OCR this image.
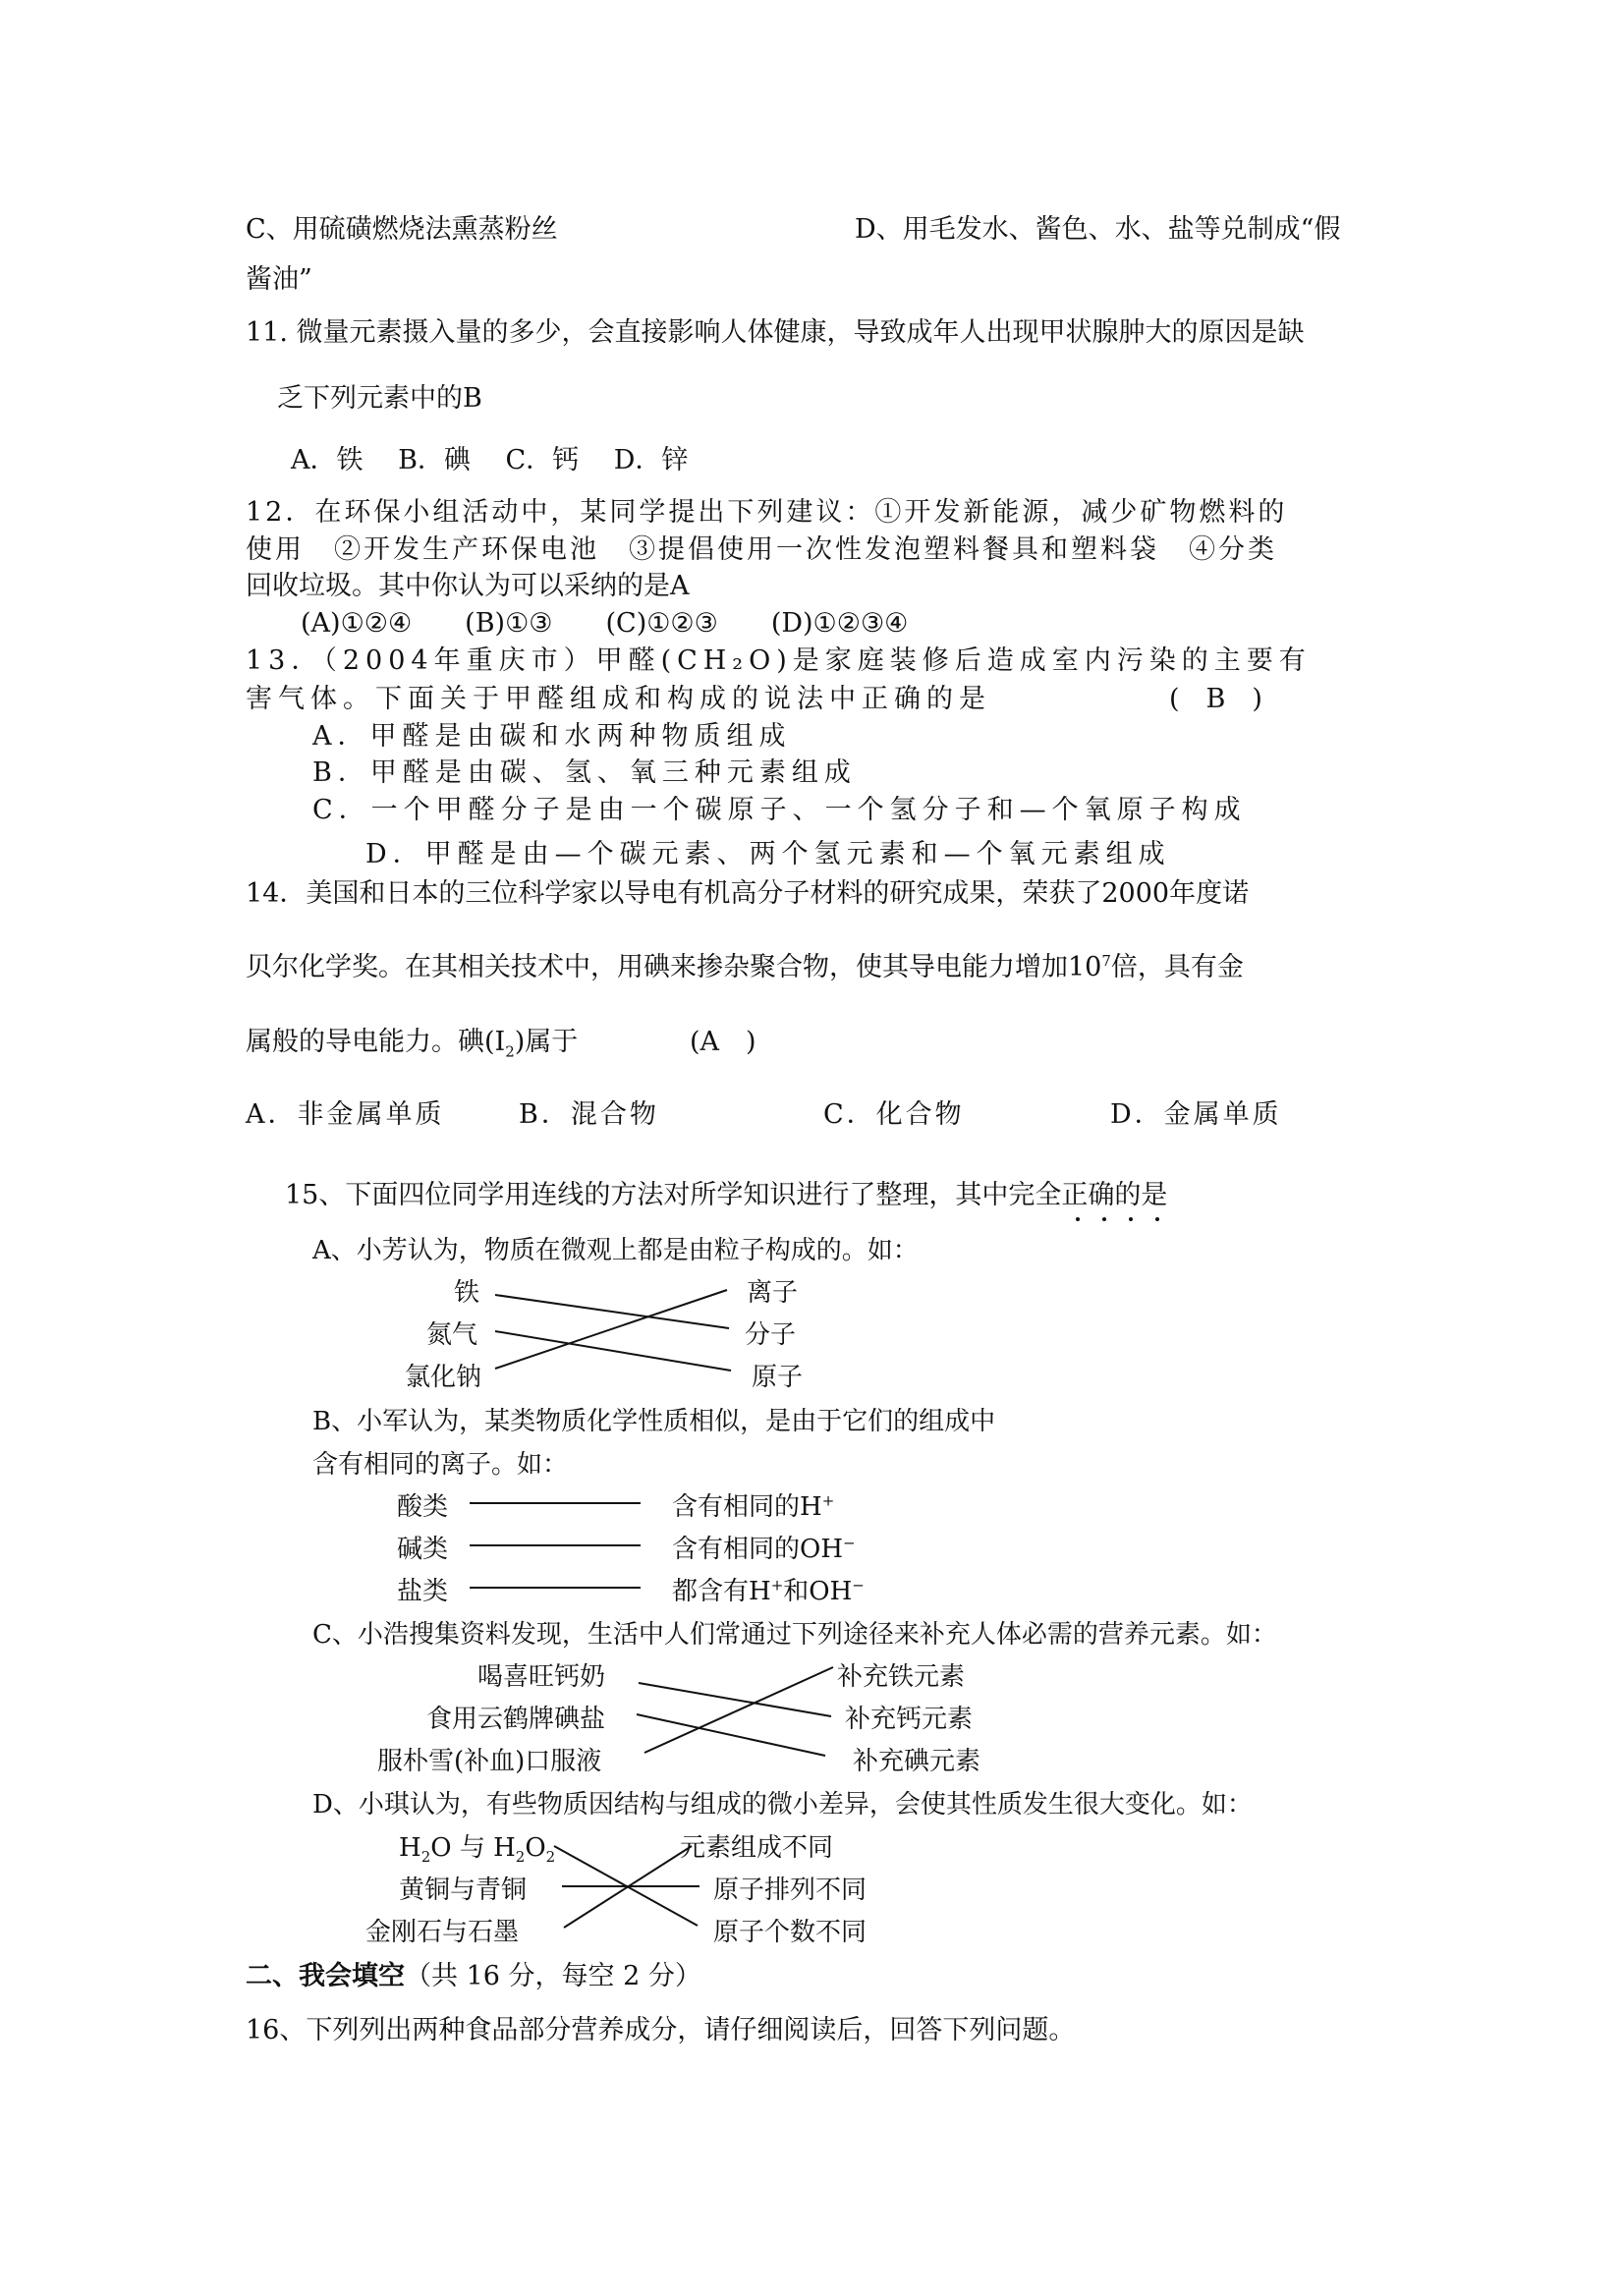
C、用硫磺燃烧法熏蒸粉丝	D、用毛发水、酱色、水、盐等兑制成“假
酱油”
11. 微量元素摄入量的多少，会直接影响人体健康，导致成年人出现甲状腺肿大的原因是缺
乏下列元素中的B
A．铁　 B．碘　 C．钙　 D．锌
12．在环保小组活动中，某同学提出下列建议：①开发新能源，减少矿物燃料的
使用　②开发生产环保电池　③提倡使用一次性发泡塑料餐具和塑料袋　④分类
回收垃圾。其中你认为可以采纳的是A
(A)①②④　　(B)①③　　(C)①②③　　(D)①②③④
13．（2004年重庆市）甲醛(CH₂O)是家庭装修后造成室内污染的主要有
害气体。下面关于甲醛组成和构成的说法中正确的是	(　B　)
A．甲醛是由碳和水两种物质组成
B．甲醛是由碳、氢、氧三种元素组成
C．一个甲醛分子是由一个碳原子、一个氢分子和—个氧原子构成
D．甲醛是由—个碳元素、两个氢元素和—个氧元素组成
14．美国和日本的三位科学家以导电有机高分子材料的研究成果，荣获了2000年度诺
贝尔化学奖。在其相关技术中，用碘来掺杂聚合物，使其导电能力增加$10^7$倍，具有金
属般的导电能力。碘$(I_2)$属于	(A　)
A．非金属单质	B．混合物	C．化合物	D．金属单质
15、下面四位同学用连线的方法对所学知识进行了整理，其中完全正确的是
A、小芳认为，物质在微观上都是由粒子构成的。如：
铁
氮气
氯化钠
离子
分子
原子
B、小军认为，某类物质化学性质相似，是由于它们的组成中
含有相同的离子。如：
酸类
碱类
盐类
含有相同的H+
含有相同的OH−
都含有H+和OH−
C、小浩搜集资料发现，生活中人们常通过下列途径来补充人体必需的营养元素。如：
喝喜旺钙奶
食用云鹤牌碘盐
服朴雪(补血)口服液
补充铁元素
补充钙元素
补充碘元素
D、小琪认为，有些物质因结构与组成的微小差异，会使其性质发生很大变化。如：
$H_2O$ 与 $H_2O_2$
黄铜与青铜
金刚石与石墨
元素组成不同
原子排列不同
原子个数不同
二、我会填空（共 16 分，每空 2 分）
16、下列列出两种食品部分营养成分，请仔细阅读后，回答下列问题。
